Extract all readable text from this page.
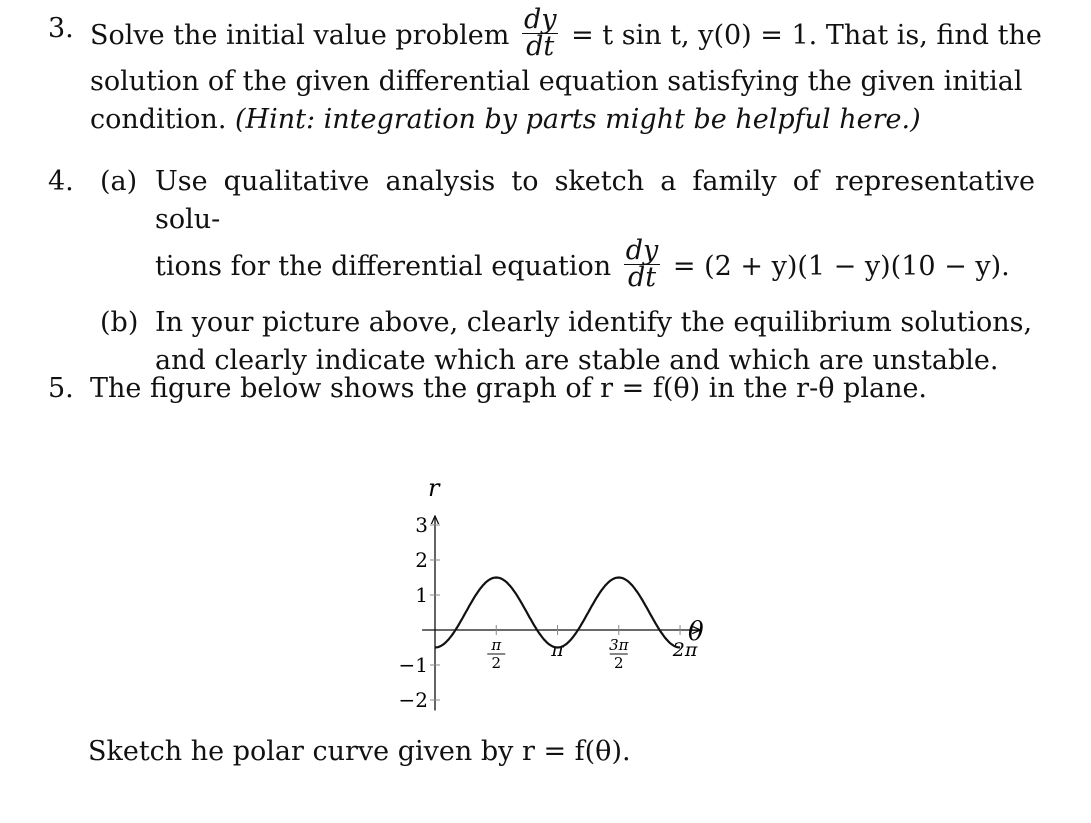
3. Solve the initial value problem $\frac{dy}{dt} = t$ sin t, y(0) = 1. That is, find the
solution of the given differential equation satisfying the given initial
condition. (Hint: integration by parts might be helpful here.)
4. (a) Use qualitative analysis to sketch a family of representative solu-
tions for the differential equation $\frac{dy}{dt} = (2 + y)(1 - y)(10 - y)$.
(b) In your picture above, clearly identify the equilibrium solutions,
and clearly indicate which are stable and which are unstable.
5. The figure below shows the graph of r = f(θ) in the r-θ plane.
π
2
π	3π
2
2π
3
2
1
−1
−2
θ
r
Sketch he polar curve given by r = f(θ).
